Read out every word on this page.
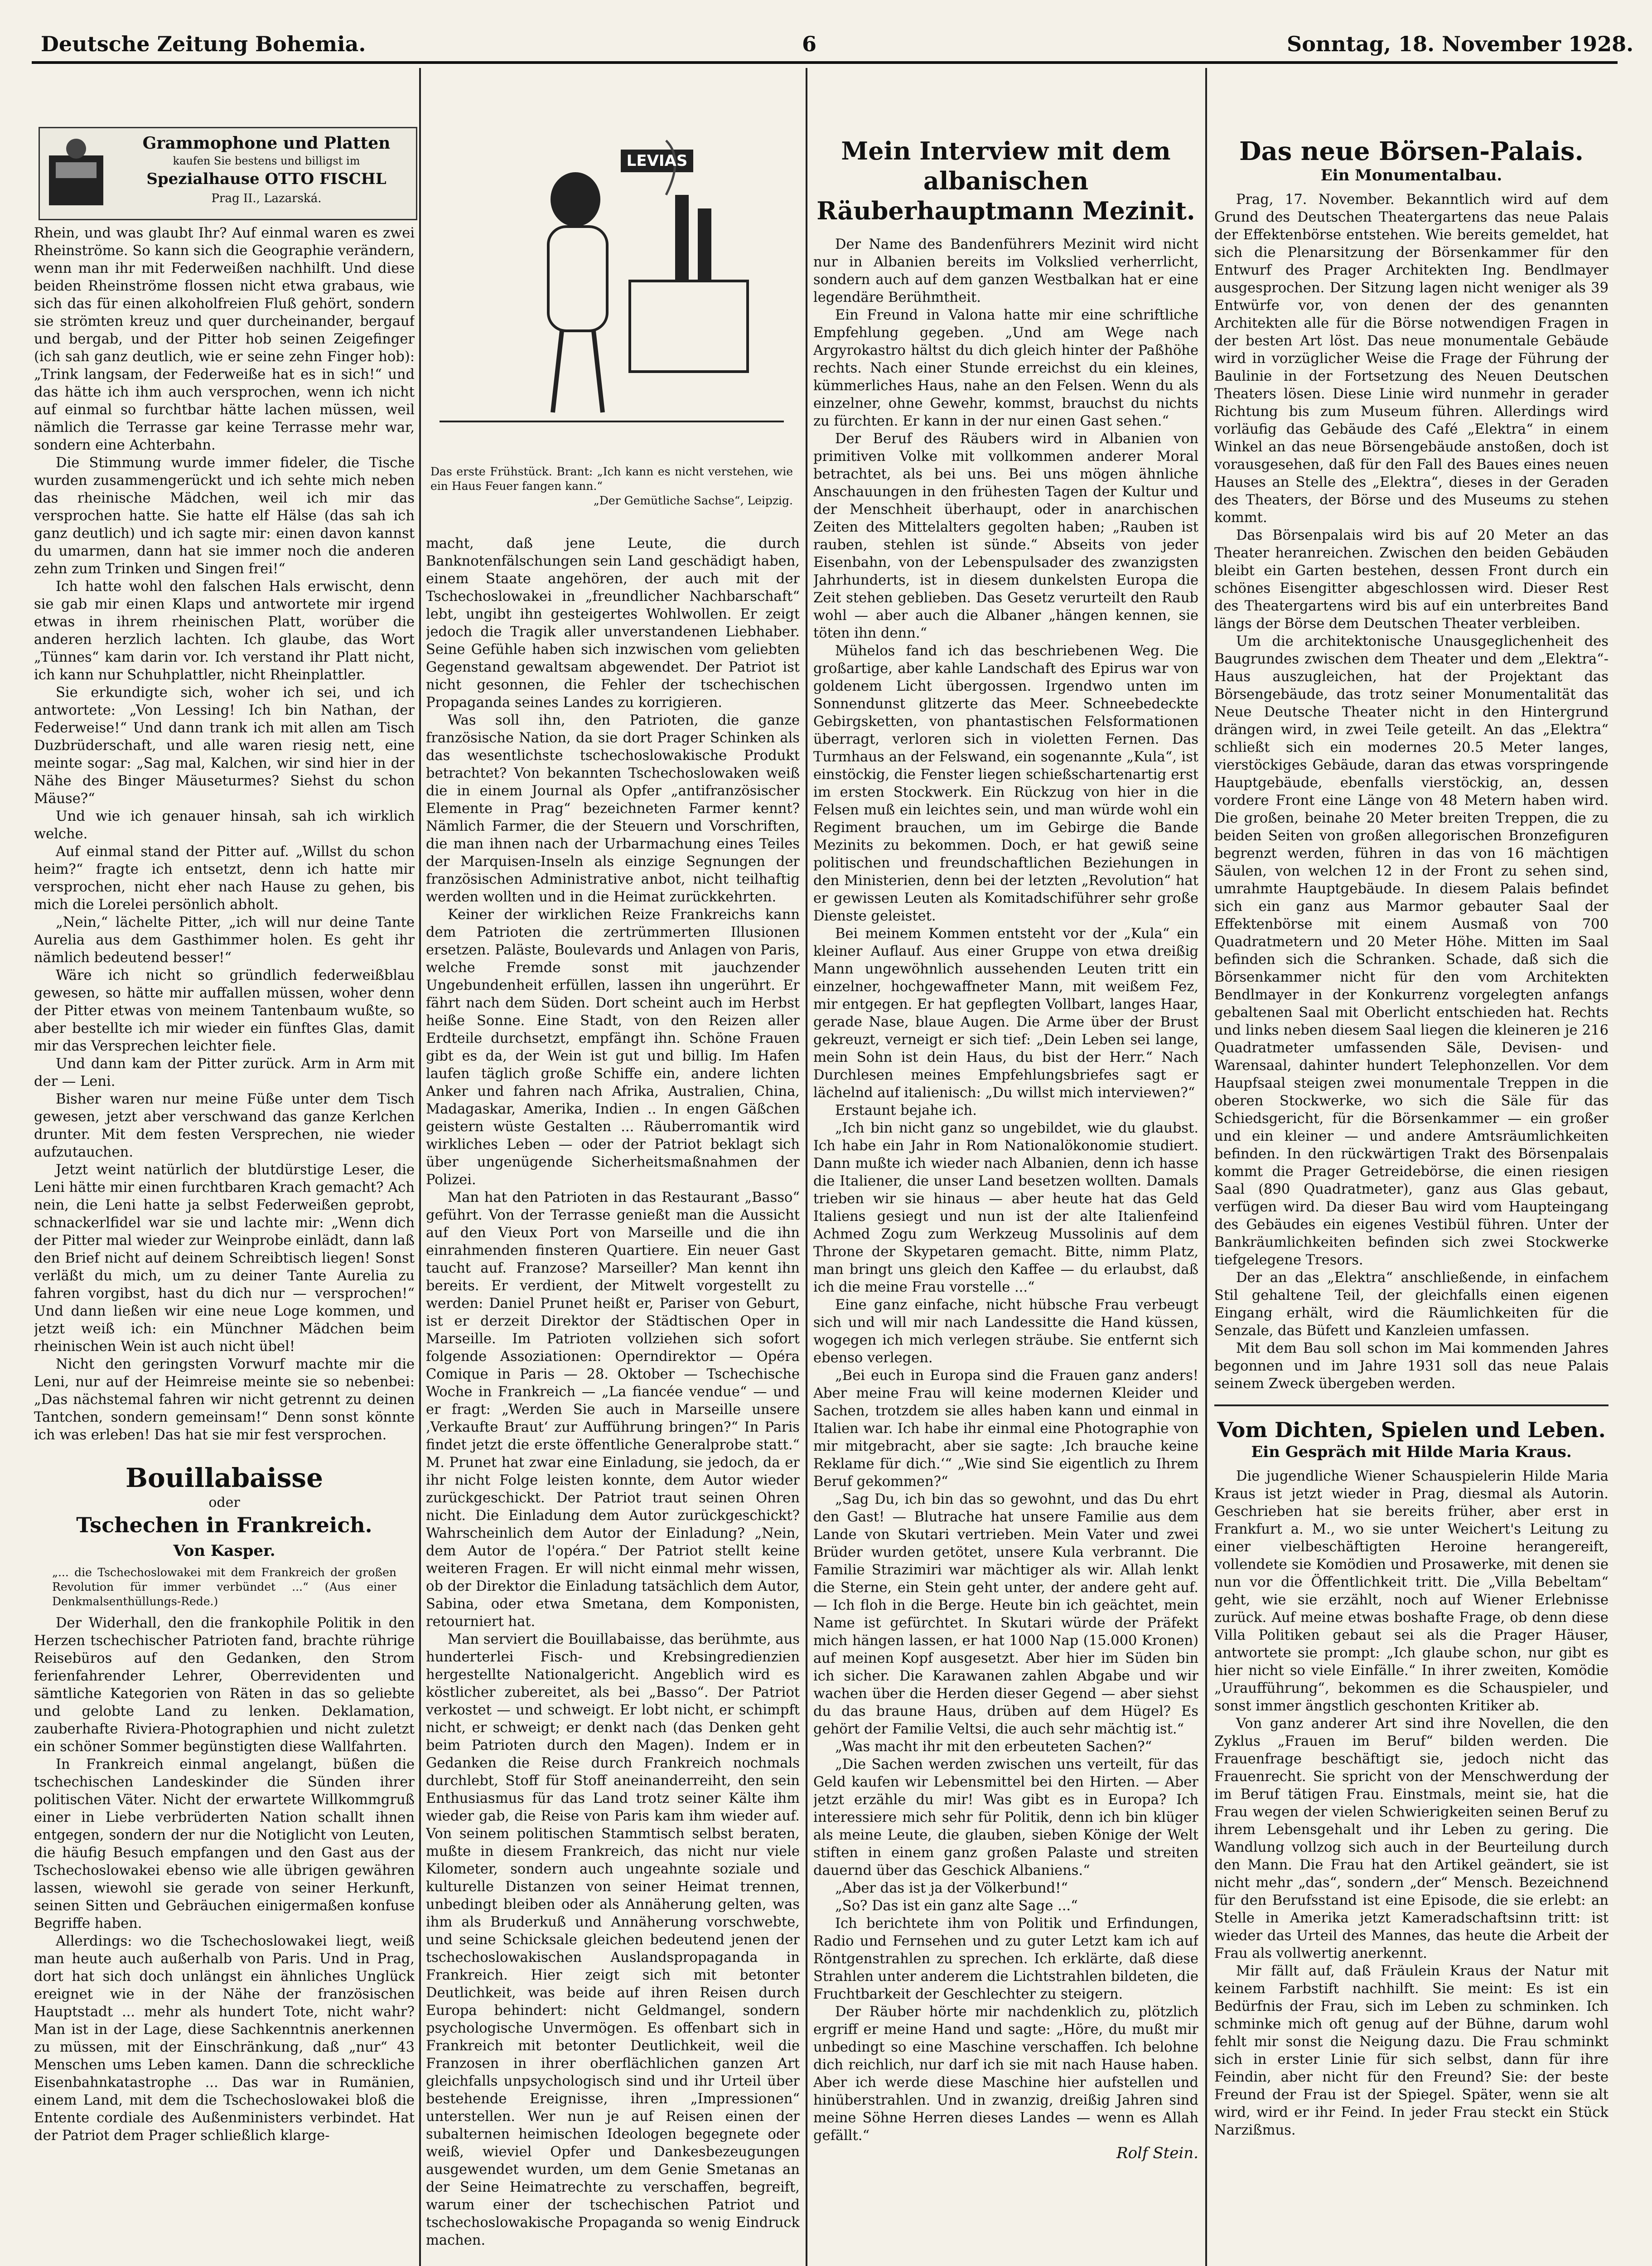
Deutsche Zeitung Bohemia.	6	Sonntag, 18. November 1928.
Grammophone und Platten
kaufen Sie bestens und billigst im
Spezialhause OTTO FISCHL
Prag II., Lazarská.
LEVIAS
Das erste Frühstück. Brant: „Ich kann es nicht verstehen, wie ein Haus Feuer fangen kann.“
„Der Gemütliche Sachse“, Leipzig.

Rhein, und was glaubt Ihr? Auf einmal waren es zwei Rheinströme. So kann sich die Geographie verändern, wenn man ihr mit Federweißen nachhilft. Und diese beiden Rheinströme flossen nicht etwa grabaus, wie sich das für einen alkoholfreien Fluß gehört, sondern sie strömten kreuz und quer durcheinander, bergauf und bergab, und der Pitter hob seinen Zeigefinger (ich sah ganz deutlich, wie er seine zehn Finger hob): „Trink langsam, der Federweiße hat es in sich!“ und das hätte ich ihm auch versprochen, wenn ich nicht auf einmal so furchtbar hätte lachen müssen, weil nämlich die Terrasse gar keine Terrasse mehr war, sondern eine Achterbahn.

Die Stimmung wurde immer fideler, die Tische wurden zusammengerückt und ich sehte mich neben das rheinische Mädchen, weil ich mir das versprochen hatte. Sie hatte elf Hälse (das sah ich ganz deutlich) und ich sagte mir: einen davon kannst du umarmen, dann hat sie immer noch die anderen zehn zum Trinken und Singen frei!“

Ich hatte wohl den falschen Hals erwischt, denn sie gab mir einen Klaps und antwortete mir irgend etwas in ihrem rheinischen Platt, worüber die anderen herzlich lachten. Ich glaube, das Wort „Tünnes“ kam darin vor. Ich verstand ihr Platt nicht, ich kann nur Schuhplattler, nicht Rheinplattler.

Sie erkundigte sich, woher ich sei, und ich antwortete: „Von Lessing! Ich bin Nathan, der Federweise!“ Und dann trank ich mit allen am Tisch Duzbrüderschaft, und alle waren riesig nett, eine meinte sogar: „Sag mal, Kalchen, wir sind hier in der Nähe des Binger Mäuseturmes? Siehst du schon Mäuse?“

Und wie ich genauer hinsah, sah ich wirklich welche.

Auf einmal stand der Pitter auf. „Willst du schon heim?“ fragte ich entsetzt, denn ich hatte mir versprochen, nicht eher nach Hause zu gehen, bis mich die Lorelei persönlich abholt.

„Nein,“ lächelte Pitter, „ich will nur deine Tante Aurelia aus dem Gasthimmer holen. Es geht ihr nämlich bedeutend besser!“

Wäre ich nicht so gründlich federweißblau gewesen, so hätte mir auffallen müssen, woher denn der Pitter etwas von meinem Tantenbaum wußte, so aber bestellte ich mir wieder ein fünftes Glas, damit mir das Versprechen leichter fiele.

Und dann kam der Pitter zurück. Arm in Arm mit der — Leni.

Bisher waren nur meine Füße unter dem Tisch gewesen, jetzt aber verschwand das ganze Kerlchen drunter. Mit dem festen Versprechen, nie wieder aufzutauchen.

Jetzt weint natürlich der blutdürstige Leser, die Leni hätte mir einen furchtbaren Krach gemacht? Ach nein, die Leni hatte ja selbst Federweißen geprobt, schnackerlfidel war sie und lachte mir: „Wenn dich der Pitter mal wieder zur Weinprobe einlädt, dann laß den Brief nicht auf deinem Schreibtisch liegen! Sonst verläßt du mich, um zu deiner Tante Aurelia zu fahren vorgibst, hast du dich nur — versprochen!“ Und dann ließen wir eine neue Loge kommen, und jetzt weiß ich: ein Münchner Mädchen beim rheinischen Wein ist auch nicht übel!

Nicht den geringsten Vorwurf machte mir die Leni, nur auf der Heimreise meinte sie so nebenbei: „Das nächstemal fahren wir nicht getrennt zu deinen Tantchen, sondern gemeinsam!“ Denn sonst könnte ich was erleben! Das hat sie mir fest versprochen.

Bouillabaisse
oder
Tschechen in Frankreich.
Von Kasper.
„... die Tschechoslowakei mit dem Frankreich der großen Revolution für immer verbündet ...“ (Aus einer Denkmalsenthüllungs-Rede.)

Der Widerhall, den die frankophile Politik in den Herzen tschechischer Patrioten fand, brachte rührige Reisebüros auf den Gedanken, den Strom ferienfahrender Lehrer, Oberrevidenten und sämtliche Kategorien von Räten in das so geliebte und gelobte Land zu lenken. Deklamation, zauberhafte Riviera-Photographien und nicht zuletzt ein schöner Sommer begünstigten diese Wallfahrten.

In Frankreich einmal angelangt, büßen die tschechischen Landeskinder die Sünden ihrer politischen Väter. Nicht der erwartete Willkommgruß einer in Liebe verbrüderten Nation schallt ihnen entgegen, sondern der nur die Notiglicht von Leuten, die häufig Besuch empfangen und den Gast aus der Tschechoslowakei ebenso wie alle übrigen gewähren lassen, wiewohl sie gerade von seiner Herkunft, seinen Sitten und Gebräuchen einigermaßen konfuse Begriffe haben.

Allerdings: wo die Tschechoslowakei liegt, weiß man heute auch außerhalb von Paris. Und in Prag, dort hat sich doch unlängst ein ähnliches Unglück ereignet wie in der Nähe der französischen Hauptstadt ... mehr als hundert Tote, nicht wahr? Man ist in der Lage, diese Sachkenntnis anerkennen zu müssen, mit der Einschränkung, daß „nur“ 43 Menschen ums Leben kamen. Dann die schreckliche Eisenbahnkatastrophe ... Das war in Rumänien, einem Land, mit dem die Tschechoslowakei bloß die Entente cordiale des Außenministers verbindet. Hat der Patriot dem Prager schließlich klarge-

macht, daß jene Leute, die durch Banknotenfälschungen sein Land geschädigt haben, einem Staate angehören, der auch mit der Tschechoslowakei in „freundlicher Nachbarschaft“ lebt, ungibt ihn gesteigertes Wohlwollen. Er zeigt jedoch die Tragik aller unverstandenen Liebhaber. Seine Gefühle haben sich inzwischen vom geliebten Gegenstand gewaltsam abgewendet. Der Patriot ist nicht gesonnen, die Fehler der tschechischen Propaganda seines Landes zu korrigieren.

Was soll ihn, den Patrioten, die ganze französische Nation, da sie dort Prager Schinken als das wesentlichste tschechoslowakische Produkt betrachtet? Von bekannten Tschechoslowaken weiß die in einem Journal als Opfer „antifranzösischer Elemente in Prag“ bezeichneten Farmer kennt? Nämlich Farmer, die der Steuern und Vorschriften, die man ihnen nach der Urbarmachung eines Teiles der Marquisen-Inseln als einzige Segnungen der französischen Administrative anbot, nicht teilhaftig werden wollten und in die Heimat zurückkehrten.

Keiner der wirklichen Reize Frankreichs kann dem Patrioten die zertrümmerten Illusionen ersetzen. Paläste, Boulevards und Anlagen von Paris, welche Fremde sonst mit jauchzender Ungebundenheit erfüllen, lassen ihn ungerührt. Er fährt nach dem Süden. Dort scheint auch im Herbst heiße Sonne. Eine Stadt, von den Reizen aller Erdteile durchsetzt, empfängt ihn. Schöne Frauen gibt es da, der Wein ist gut und billig. Im Hafen laufen täglich große Schiffe ein, andere lichten Anker und fahren nach Afrika, Australien, China, Madagaskar, Amerika, Indien .. In engen Gäßchen geistern wüste Gestalten ... Räuberromantik wird wirkliches Leben — oder der Patriot beklagt sich über ungenügende Sicherheitsmaßnahmen der Polizei.

Man hat den Patrioten in das Restaurant „Basso“ geführt. Von der Terrasse genießt man die Aussicht auf den Vieux Port von Marseille und die ihn einrahmenden finsteren Quartiere. Ein neuer Gast taucht auf. Franzose? Marseiller? Man kennt ihn bereits. Er verdient, der Mitwelt vorgestellt zu werden: Daniel Prunet heißt er, Pariser von Geburt, ist er derzeit Direktor der Städtischen Oper in Marseille. Im Patrioten vollziehen sich sofort folgende Assoziationen: Operndirektor — Opéra Comique in Paris — 28. Oktober — Tschechische Woche in Frankreich — „La fiancée vendue“ — und er fragt: „Werden Sie auch in Marseille unsere ‚Verkaufte Braut‘ zur Aufführung bringen?“ In Paris findet jetzt die erste öffentliche Generalprobe statt.“ M. Prunet hat zwar eine Einladung, sie jedoch, da er ihr nicht Folge leisten konnte, dem Autor wieder zurückgeschickt. Der Patriot traut seinen Ohren nicht. Die Einladung dem Autor zurückgeschickt? Wahrscheinlich dem Autor der Einladung? „Nein, dem Autor de l'opéra.“ Der Patriot stellt keine weiteren Fragen. Er will nicht einmal mehr wissen, ob der Direktor die Einladung tatsächlich dem Autor, Sabina, oder etwa Smetana, dem Komponisten, retourniert hat.

Man serviert die Bouillabaisse, das berühmte, aus hunderterlei Fisch- und Krebsingredienzien hergestellte Nationalgericht. Angeblich wird es köstlicher zubereitet, als bei „Basso“. Der Patriot verkostet — und schweigt. Er lobt nicht, er schimpft nicht, er schweigt; er denkt nach (das Denken geht beim Patrioten durch den Magen). Indem er in Gedanken die Reise durch Frankreich nochmals durchlebt, Stoff für Stoff aneinanderreiht, den sein Enthusiasmus für das Land trotz seiner Kälte ihm wieder gab, die Reise von Paris kam ihm wieder auf. Von seinem politischen Stammtisch selbst beraten, mußte in diesem Frankreich, das nicht nur viele Kilometer, sondern auch ungeahnte soziale und kulturelle Distanzen von seiner Heimat trennen, unbedingt bleiben oder als Annäherung gelten, was ihm als Bruderkuß und Annäherung vorschwebte, und seine Schicksale gleichen bedeutend jenen der tschechoslowakischen Auslandspropaganda in Frankreich. Hier zeigt sich mit betonter Deutlichkeit, was beide auf ihren Reisen durch Europa behindert: nicht Geldmangel, sondern psychologische Unvermögen. Es offenbart sich in Frankreich mit betonter Deutlichkeit, weil die Franzosen in ihrer oberflächlichen ganzen Art gleichfalls unpsychologisch sind und ihr Urteil über bestehende Ereignisse, ihren „Impressionen“ unterstellen. Wer nun je auf Reisen einen der subalternen heimischen Ideologen begegnete oder weiß, wieviel Opfer und Dankesbezeugungen ausgewendet wurden, um dem Genie Smetanas an der Seine Heimatrechte zu verschaffen, begreift, warum einer der tschechischen Patriot und tschechoslowakische Propaganda so wenig Eindruck machen.

Mein Interview mit dem albanischen Räuberhauptmann Mezinit.

Der Name des Bandenführers Mezinit wird nicht nur in Albanien bereits im Volkslied verherrlicht, sondern auch auf dem ganzen Westbalkan hat er eine legendäre Berühmtheit.

Ein Freund in Valona hatte mir eine schriftliche Empfehlung gegeben. „Und am Wege nach Argyrokastro hältst du dich gleich hinter der Paßhöhe rechts. Nach einer Stunde erreichst du ein kleines, kümmerliches Haus, nahe an den Felsen. Wenn du als einzelner, ohne Gewehr, kommst, brauchst du nichts zu fürchten. Er kann in der nur einen Gast sehen.“

Der Beruf des Räubers wird in Albanien von primitiven Volke mit vollkommen anderer Moral betrachtet, als bei uns. Bei uns mögen ähnliche Anschauungen in den frühesten Tagen der Kultur und der Menschheit überhaupt, oder in anarchischen Zeiten des Mittelalters gegolten haben; „Rauben ist rauben, stehlen ist sünde.“ Abseits von jeder Eisenbahn, von der Lebenspulsader des zwanzigsten Jahrhunderts, ist in diesem dunkelsten Europa die Zeit stehen geblieben. Das Gesetz verurteilt den Raub wohl — aber auch die Albaner „hängen kennen, sie töten ihn denn.“

Mühelos fand ich das beschriebenen Weg. Die großartige, aber kahle Landschaft des Epirus war von goldenem Licht übergossen. Irgendwo unten im Sonnendunst glitzerte das Meer. Schneebedeckte Gebirgsketten, von phantastischen Felsformationen überragt, verloren sich in violetten Fernen. Das Turmhaus an der Felswand, ein sogenannte „Kula“, ist einstöckig, die Fenster liegen schießschartenartig erst im ersten Stockwerk. Ein Rückzug von hier in die Felsen muß ein leichtes sein, und man würde wohl ein Regiment brauchen, um im Gebirge die Bande Mezinits zu bekommen. Doch, er hat gewiß seine politischen und freundschaftlichen Beziehungen in den Ministerien, denn bei der letzten „Revolution“ hat er gewissen Leuten als Komitadschiführer sehr große Dienste geleistet.

Bei meinem Kommen entsteht vor der „Kula“ ein kleiner Auflauf. Aus einer Gruppe von etwa dreißig Mann ungewöhnlich aussehenden Leuten tritt ein einzelner, hochgewaffneter Mann, mit weißem Fez, mir entgegen. Er hat gepflegten Vollbart, langes Haar, gerade Nase, blaue Augen. Die Arme über der Brust gekreuzt, verneigt er sich tief: „Dein Leben sei lange, mein Sohn ist dein Haus, du bist der Herr.“ Nach Durchlesen meines Empfehlungsbriefes sagt er lächelnd auf italienisch: „Du willst mich interviewen?“

Erstaunt bejahe ich.

„Ich bin nicht ganz so ungebildet, wie du glaubst. Ich habe ein Jahr in Rom Nationalökonomie studiert. Dann mußte ich wieder nach Albanien, denn ich hasse die Italiener, die unser Land besetzen wollten. Damals trieben wir sie hinaus — aber heute hat das Geld Italiens gesiegt und nun ist der alte Italienfeind Achmed Zogu zum Werkzeug Mussolinis auf dem Throne der Skypetaren gemacht. Bitte, nimm Platz, man bringt uns gleich den Kaffee — du erlaubst, daß ich die meine Frau vorstelle ...“

Eine ganz einfache, nicht hübsche Frau verbeugt sich und will mir nach Landessitte die Hand küssen, wogegen ich mich verlegen sträube. Sie entfernt sich ebenso verlegen.

„Bei euch in Europa sind die Frauen ganz anders! Aber meine Frau will keine modernen Kleider und Sachen, trotzdem sie alles haben kann und einmal in Italien war. Ich habe ihr einmal eine Photographie von mir mitgebracht, aber sie sagte: ‚Ich brauche keine Reklame für dich.‘“ „Wie sind Sie eigentlich zu Ihrem Beruf gekommen?“

„Sag Du, ich bin das so gewohnt, und das Du ehrt den Gast! — Blutrache hat unsere Familie aus dem Lande von Skutari vertrieben. Mein Vater und zwei Brüder wurden getötet, unsere Kula verbrannt. Die Familie Strazimiri war mächtiger als wir. Allah lenkt die Sterne, ein Stein geht unter, der andere geht auf. — Ich floh in die Berge. Heute bin ich geächtet, mein Name ist gefürchtet. In Skutari würde der Präfekt mich hängen lassen, er hat 1000 Nap (15.000 Kronen) auf meinen Kopf ausgesetzt. Aber hier im Süden bin ich sicher. Die Karawanen zahlen Abgabe und wir wachen über die Herden dieser Gegend — aber siehst du das braune Haus, drüben auf dem Hügel? Es gehört der Familie Veltsi, die auch sehr mächtig ist.“

„Was macht ihr mit den erbeuteten Sachen?“

„Die Sachen werden zwischen uns verteilt, für das Geld kaufen wir Lebensmittel bei den Hirten. — Aber jetzt erzähle du mir! Was gibt es in Europa? Ich interessiere mich sehr für Politik, denn ich bin klüger als meine Leute, die glauben, sieben Könige der Welt stiften in einem ganz großen Palaste und streiten dauernd über das Geschick Albaniens.“

„Aber das ist ja der Völkerbund!“

„So? Das ist ein ganz alte Sage ...“

Ich berichtete ihm von Politik und Erfindungen, Radio und Fernsehen und zu guter Letzt kam ich auf Röntgenstrahlen zu sprechen. Ich erklärte, daß diese Strahlen unter anderem die Lichtstrahlen bildeten, die Fruchtbarkeit der Geschlechter zu steigern.

Der Räuber hörte mir nachdenklich zu, plötzlich ergriff er meine Hand und sagte: „Höre, du mußt mir unbedingt so eine Maschine verschaffen. Ich belohne dich reichlich, nur darf ich sie mit nach Hause haben. Aber ich werde diese Maschine hier aufstellen und hinüberstrahlen. Und in zwanzig, dreißig Jahren sind meine Söhne Herren dieses Landes — wenn es Allah gefällt.“

Rolf Stein.
Das neue Börsen-Palais.
Ein Monumentalbau.

Prag, 17. November. Bekanntlich wird auf dem Grund des Deutschen Theatergartens das neue Palais der Effektenbörse entstehen. Wie bereits gemeldet, hat sich die Plenarsitzung der Börsenkammer für den Entwurf des Prager Architekten Ing. Bendlmayer ausgesprochen. Der Sitzung lagen nicht weniger als 39 Entwürfe vor, von denen der des genannten Architekten alle für die Börse notwendigen Fragen in der besten Art löst. Das neue monumentale Gebäude wird in vorzüglicher Weise die Frage der Führung der Baulinie in der Fortsetzung des Neuen Deutschen Theaters lösen. Diese Linie wird nunmehr in gerader Richtung bis zum Museum führen. Allerdings wird vorläufig das Gebäude des Café „Elektra“ in einem Winkel an das neue Börsengebäude anstoßen, doch ist vorausgesehen, daß für den Fall des Baues eines neuen Hauses an Stelle des „Elektra“, dieses in der Geraden des Theaters, der Börse und des Museums zu stehen kommt.

Das Börsenpalais wird bis auf 20 Meter an das Theater heranreichen. Zwischen den beiden Gebäuden bleibt ein Garten bestehen, dessen Front durch ein schönes Eisengitter abgeschlossen wird. Dieser Rest des Theatergartens wird bis auf ein unterbreites Band längs der Börse dem Deutschen Theater verbleiben.

Um die architektonische Unausgeglichenheit des Baugrundes zwischen dem Theater und dem „Elektra“-Haus auszugleichen, hat der Projektant das Börsengebäude, das trotz seiner Monumentalität das Neue Deutsche Theater nicht in den Hintergrund drängen wird, in zwei Teile geteilt. An das „Elektra“ schließt sich ein modernes 20.5 Meter langes, vierstöckiges Gebäude, daran das etwas vorspringende Hauptgebäude, ebenfalls vierstöckig, an, dessen vordere Front eine Länge von 48 Metern haben wird. Die großen, beinahe 20 Meter breiten Treppen, die zu beiden Seiten von großen allegorischen Bronzefiguren begrenzt werden, führen in das von 16 mächtigen Säulen, von welchen 12 in der Front zu sehen sind, umrahmte Hauptgebäude. In diesem Palais befindet sich ein ganz aus Marmor gebauter Saal der Effektenbörse mit einem Ausmaß von 700 Quadratmetern und 20 Meter Höhe. Mitten im Saal befinden sich die Schranken. Schade, daß sich die Börsenkammer nicht für den vom Architekten Bendlmayer in der Konkurrenz vorgelegten anfangs gebaltenen Saal mit Oberlicht entschieden hat. Rechts und links neben diesem Saal liegen die kleineren je 216 Quadratmeter umfassenden Säle, Devisen- und Warensaal, dahinter hundert Telephonzellen. Vor dem Haupfsaal steigen zwei monumentale Treppen in die oberen Stockwerke, wo sich die Säle für das Schiedsgericht, für die Börsenkammer — ein großer und ein kleiner — und andere Amtsräumlichkeiten befinden. In den rückwärtigen Trakt des Börsenpalais kommt die Prager Getreidebörse, die einen riesigen Saal (890 Quadratmeter), ganz aus Glas gebaut, verfügen wird. Da dieser Bau wird vom Haupteingang des Gebäudes ein eigenes Vestibül führen. Unter der Bankräumlichkeiten befinden sich zwei Stockwerke tiefgelegene Tresors.

Der an das „Elektra“ anschließende, in einfachem Stil gehaltene Teil, der gleichfalls einen eigenen Eingang erhält, wird die Räumlichkeiten für die Senzale, das Büfett und Kanzleien umfassen.

Mit dem Bau soll schon im Mai kommenden Jahres begonnen und im Jahre 1931 soll das neue Palais seinem Zweck übergeben werden.

Vom Dichten, Spielen und Leben.
Ein Gespräch mit Hilde Maria Kraus.

Die jugendliche Wiener Schauspielerin Hilde Maria Kraus ist jetzt wieder in Prag, diesmal als Autorin. Geschrieben hat sie bereits früher, aber erst in Frankfurt a. M., wo sie unter Weichert's Leitung zu einer vielbeschäftigten Heroine herangereift, vollendete sie Komödien und Prosawerke, mit denen sie nun vor die Öffentlichkeit tritt. Die „Villa Bebeltam“ geht, wie sie erzählt, noch auf Wiener Erlebnisse zurück. Auf meine etwas boshafte Frage, ob denn diese Villa Politiken gebaut sei als die Prager Häuser, antwortete sie prompt: „Ich glaube schon, nur gibt es hier nicht so viele Einfälle.“ In ihrer zweiten, Komödie „Uraufführung“, bekommen es die Schauspieler, und sonst immer ängstlich geschonten Kritiker ab.

Von ganz anderer Art sind ihre Novellen, die den Zyklus „Frauen im Beruf“ bilden werden. Die Frauenfrage beschäftigt sie, jedoch nicht das Frauenrecht. Sie spricht von der Menschwerdung der im Beruf tätigen Frau. Einstmals, meint sie, hat die Frau wegen der vielen Schwierigkeiten seinen Beruf zu ihrem Lebensgehalt und ihr Leben zu gering. Die Wandlung vollzog sich auch in der Beurteilung durch den Mann. Die Frau hat den Artikel geändert, sie ist nicht mehr „das“, sondern „der“ Mensch. Bezeichnend für den Berufsstand ist eine Episode, die sie erlebt: an Stelle in Amerika jetzt Kameradschaftsinn tritt: ist wieder das Urteil des Mannes, das heute die Arbeit der Frau als vollwertig anerkennt.

Mir fällt auf, daß Fräulein Kraus der Natur mit keinem Farbstift nachhilft. Sie meint: Es ist ein Bedürfnis der Frau, sich im Leben zu schminken. Ich schminke mich oft genug auf der Bühne, darum wohl fehlt mir sonst die Neigung dazu. Die Frau schminkt sich in erster Linie für sich selbst, dann für ihre Feindin, aber nicht für den Freund? Sie: der beste Freund der Frau ist der Spiegel. Später, wenn sie alt wird, wird er ihr Feind. In jeder Frau steckt ein Stück Narzißmus.
